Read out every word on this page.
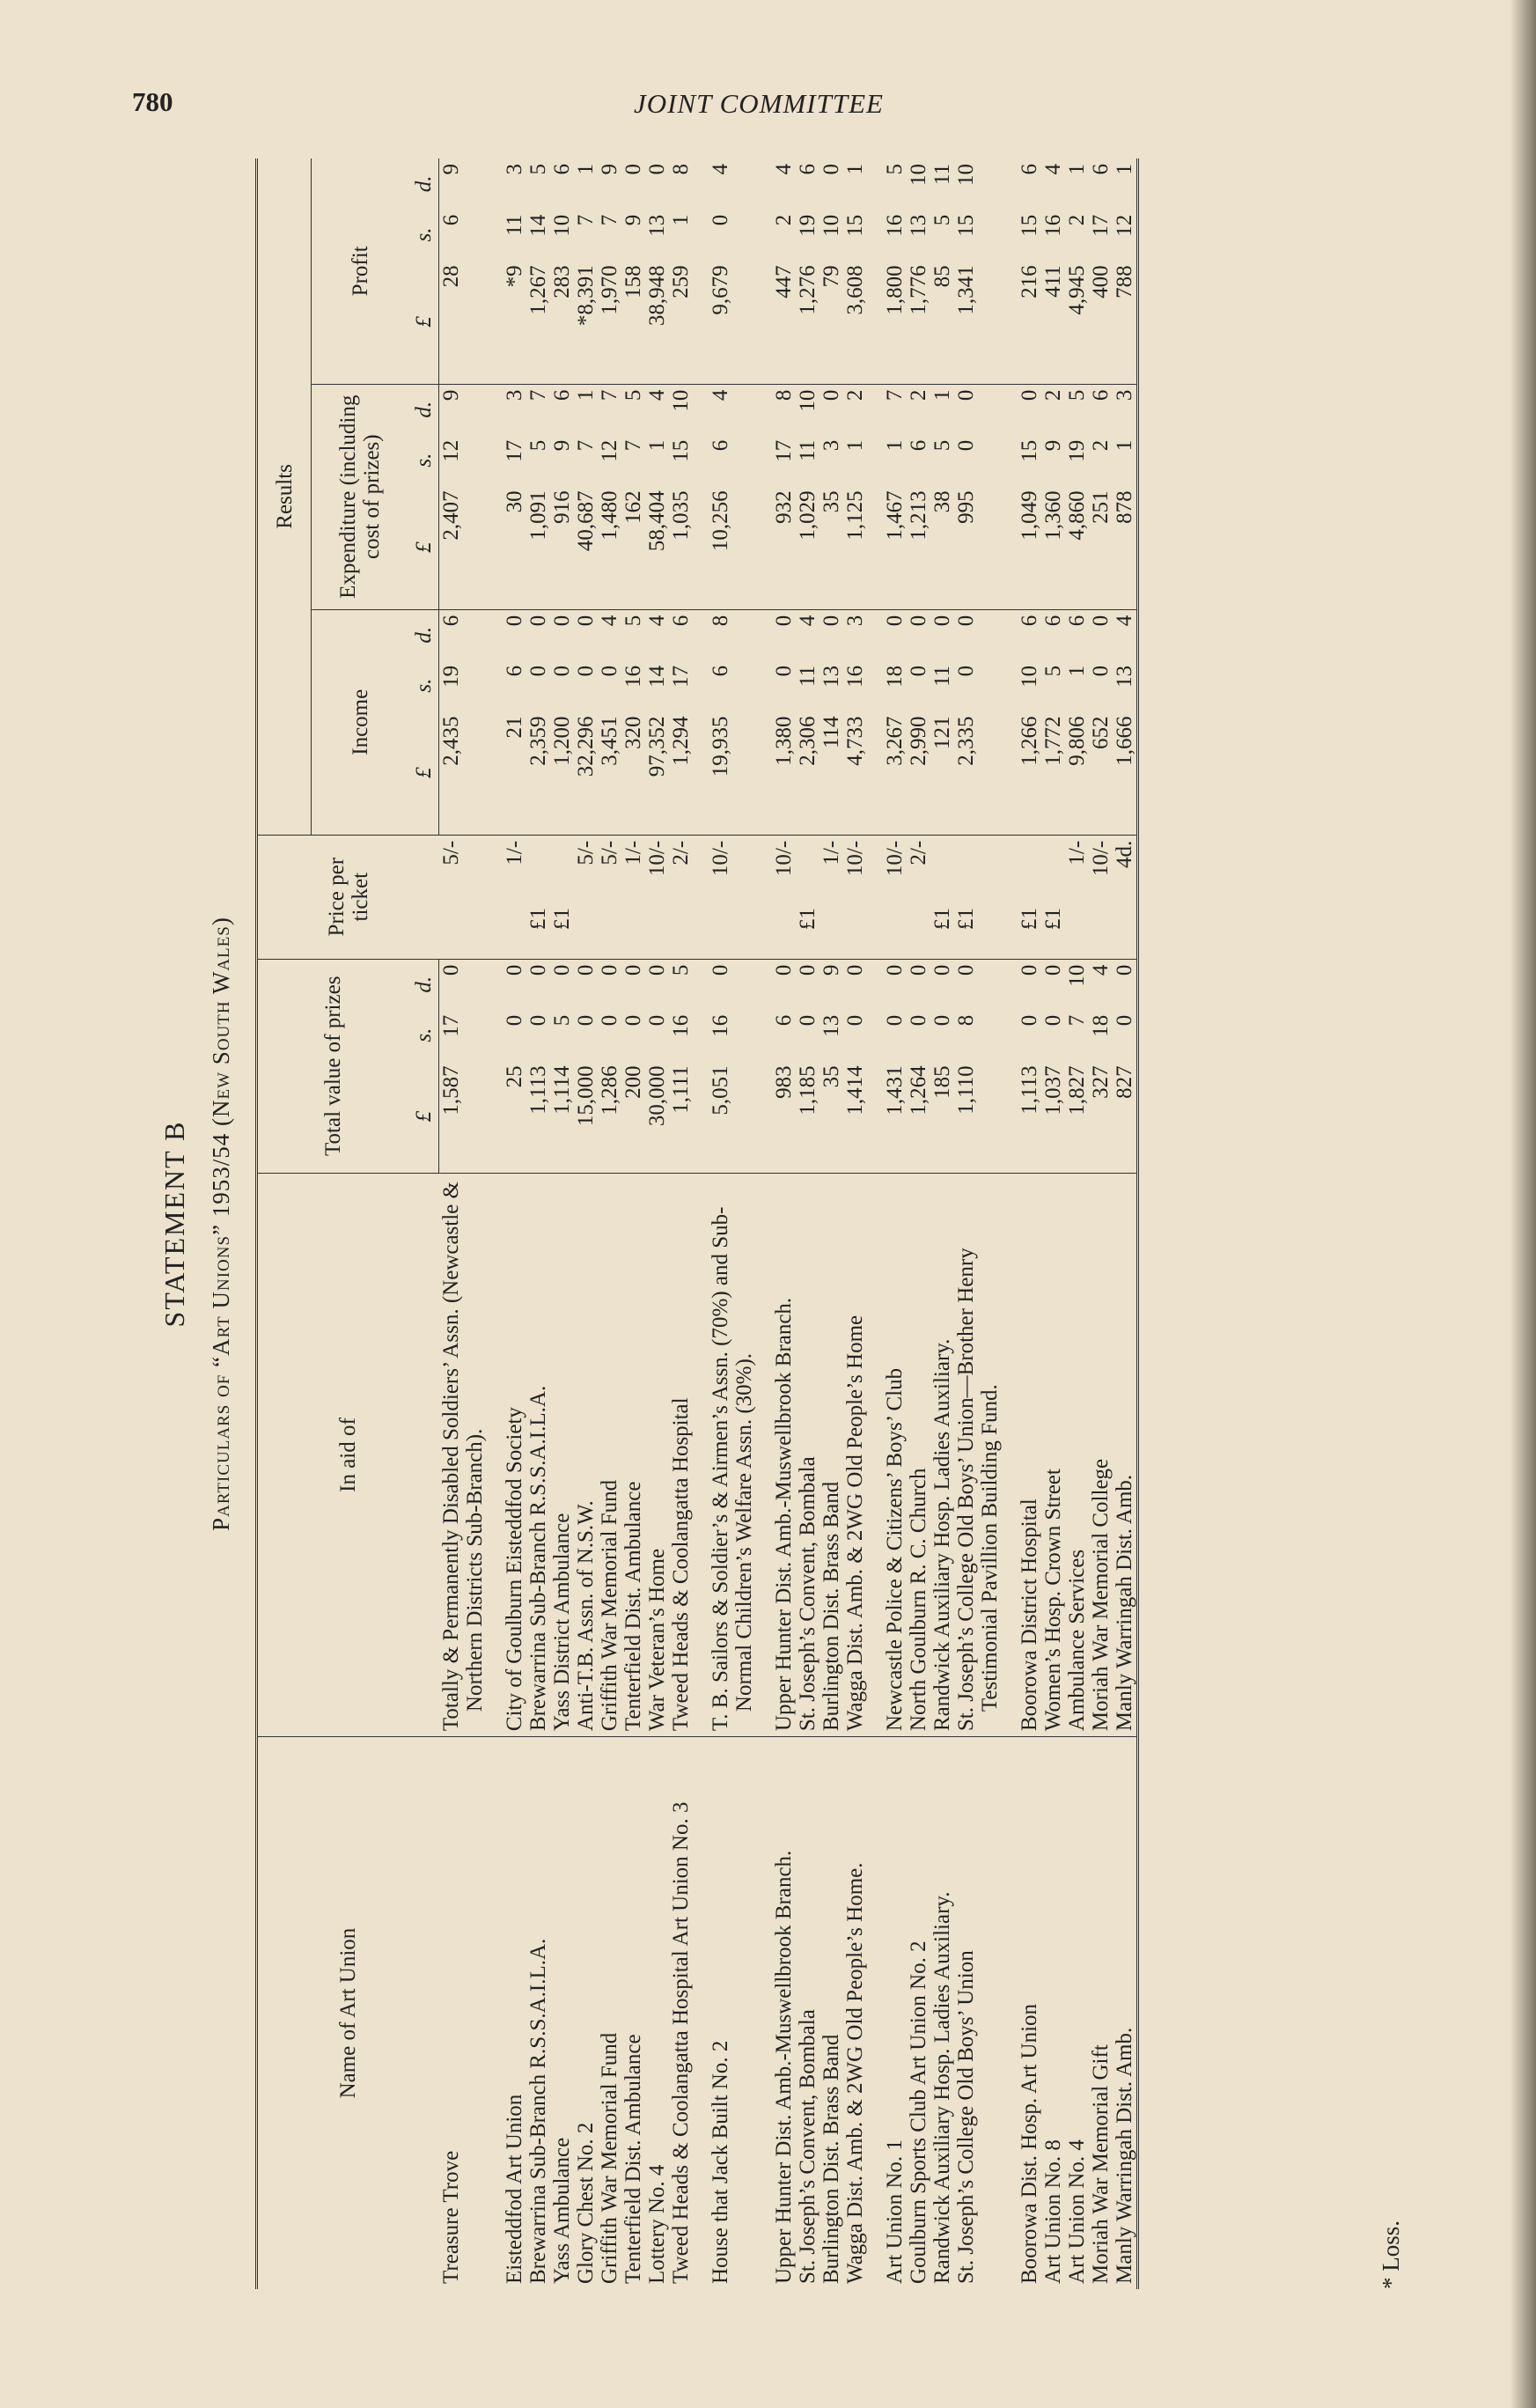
780	JOINT COMMITTEE
STATEMENT B Particulars of “Art Unions” 1953/54 (New South Wales)
Name of Art Union	In aid of	Total value of prizes			Price per ticket		Results								
							Income			Expenditure (including cost of prizes)			Profit		
		£	s.	d.			£	s.	d.	£	s.	d.	£	s.	d.
Treasure Trove	Totally & Permanently Disabled Soldiers’ Assn. (Newcastle & Northern Districts Sub-Branch).	1,587	17	0		5/-	2,435	19	6	2,407	12	9	28	6	9

Eisteddfod Art Union	City of Goulburn Eisteddfod Society	25	0	0		1/-	21	6	0	30	17	3	*9	11	3
Brewarrina Sub-Branch R.S.S.A.I.L.A.	Brewarrina Sub-Branch R.S.S.A.I.L.A.	1,113	0	0	£1		2,359	0	0	1,091	5	7	1,267	14	5
Yass Ambulance	Yass District Ambulance	1,114	5	0	£1		1,200	0	0	916	9	6	283	10	6
Glory Chest No. 2	Anti-T.B. Assn. of N.S.W.	15,000	0	0		5/-	32,296	0	0	40,687	7	1	*8,391	7	1
Griffith War Memorial Fund	Griffith War Memorial Fund	1,286	0	0		5/-	3,451	0	4	1,480	12	7	1,970	7	9
Tenterfield Dist. Ambulance	Tenterfield Dist. Ambulance	200	0	0		1/-	320	16	5	162	7	5	158	9	0
Lottery No. 4	War Veteran’s Home	30,000	0	0		10/-	97,352	14	4	58,404	1	4	38,948	13	0
Tweed Heads & Coolangatta Hospital Art Union No. 3	Tweed Heads & Coolangatta Hospital	1,111	16	5		2/-	1,294	17	6	1,035	15	10	259	1	8

House that Jack Built No. 2	T. B. Sailors & Soldier’s & Airmen’s Assn. (70%) and Sub-Normal Children’s Welfare Assn. (30%).	5,051	16	0		10/-	19,935	6	8	10,256	6	4	9,679	0	4

Upper Hunter Dist. Amb.-Muswellbrook Branch.	Upper Hunter Dist. Amb.-Muswellbrook Branch.	983	6	0		10/-	1,380	0	0	932	17	8	447	2	4
St. Joseph’s Convent, Bombala	St. Joseph’s Convent, Bombala	1,185	0	0	£1		2,306	11	4	1,029	11	10	1,276	19	6
Burlington Dist. Brass Band	Burlington Dist. Brass Band	35	13	9		1/-	114	13	0	35	3	0	79	10	0
Wagga Dist. Amb. & 2WG Old People’s Home.	Wagga Dist. Amb. & 2WG Old People’s Home	1,414	0	0		10/-	4,733	16	3	1,125	1	2	3,608	15	1

Art Union No. 1	Newcastle Police & Citizens’ Boys’ Club	1,431	0	0		10/-	3,267	18	0	1,467	1	7	1,800	16	5
Goulburn Sports Club Art Union No. 2	North Goulburn R. C. Church	1,264	0	0		2/-	2,990	0	0	1,213	6	2	1,776	13	10
Randwick Auxiliary Hosp. Ladies Auxiliary.	Randwick Auxiliary Hosp. Ladies Auxiliary.	185	0	0	£1		121	11	0	38	5	1	85	5	11
St. Joseph’s College Old Boys’ Union	St. Joseph’s College Old Boys’ Union—Brother Henry Testimonial Pavillion Building Fund.	1,110	8	0	£1		2,335	0	0	995	0	0	1,341	15	10

Boorowa Dist. Hosp. Art Union	Boorowa District Hospital	1,113	0	0	£1		1,266	10	6	1,049	15	0	216	15	6
Art Union No. 8	Women’s Hosp. Crown Street	1,037	0	0	£1		1,772	5	6	1,360	9	2	411	16	4
Art Union No. 4	Ambulance Services	1,827	7	10		1/-	9,806	1	6	4,860	19	5	4,945	2	1
Moriah War Memorial Gift	Moriah War Memorial College	327	18	4		10/-	652	0	0	251	2	6	400	17	6
Manly Warringah Dist. Amb.	Manly Warringah Dist. Amb.	827	0	0		4d.	1,666	13	4	878	1	3	788	12	1
* Loss.
